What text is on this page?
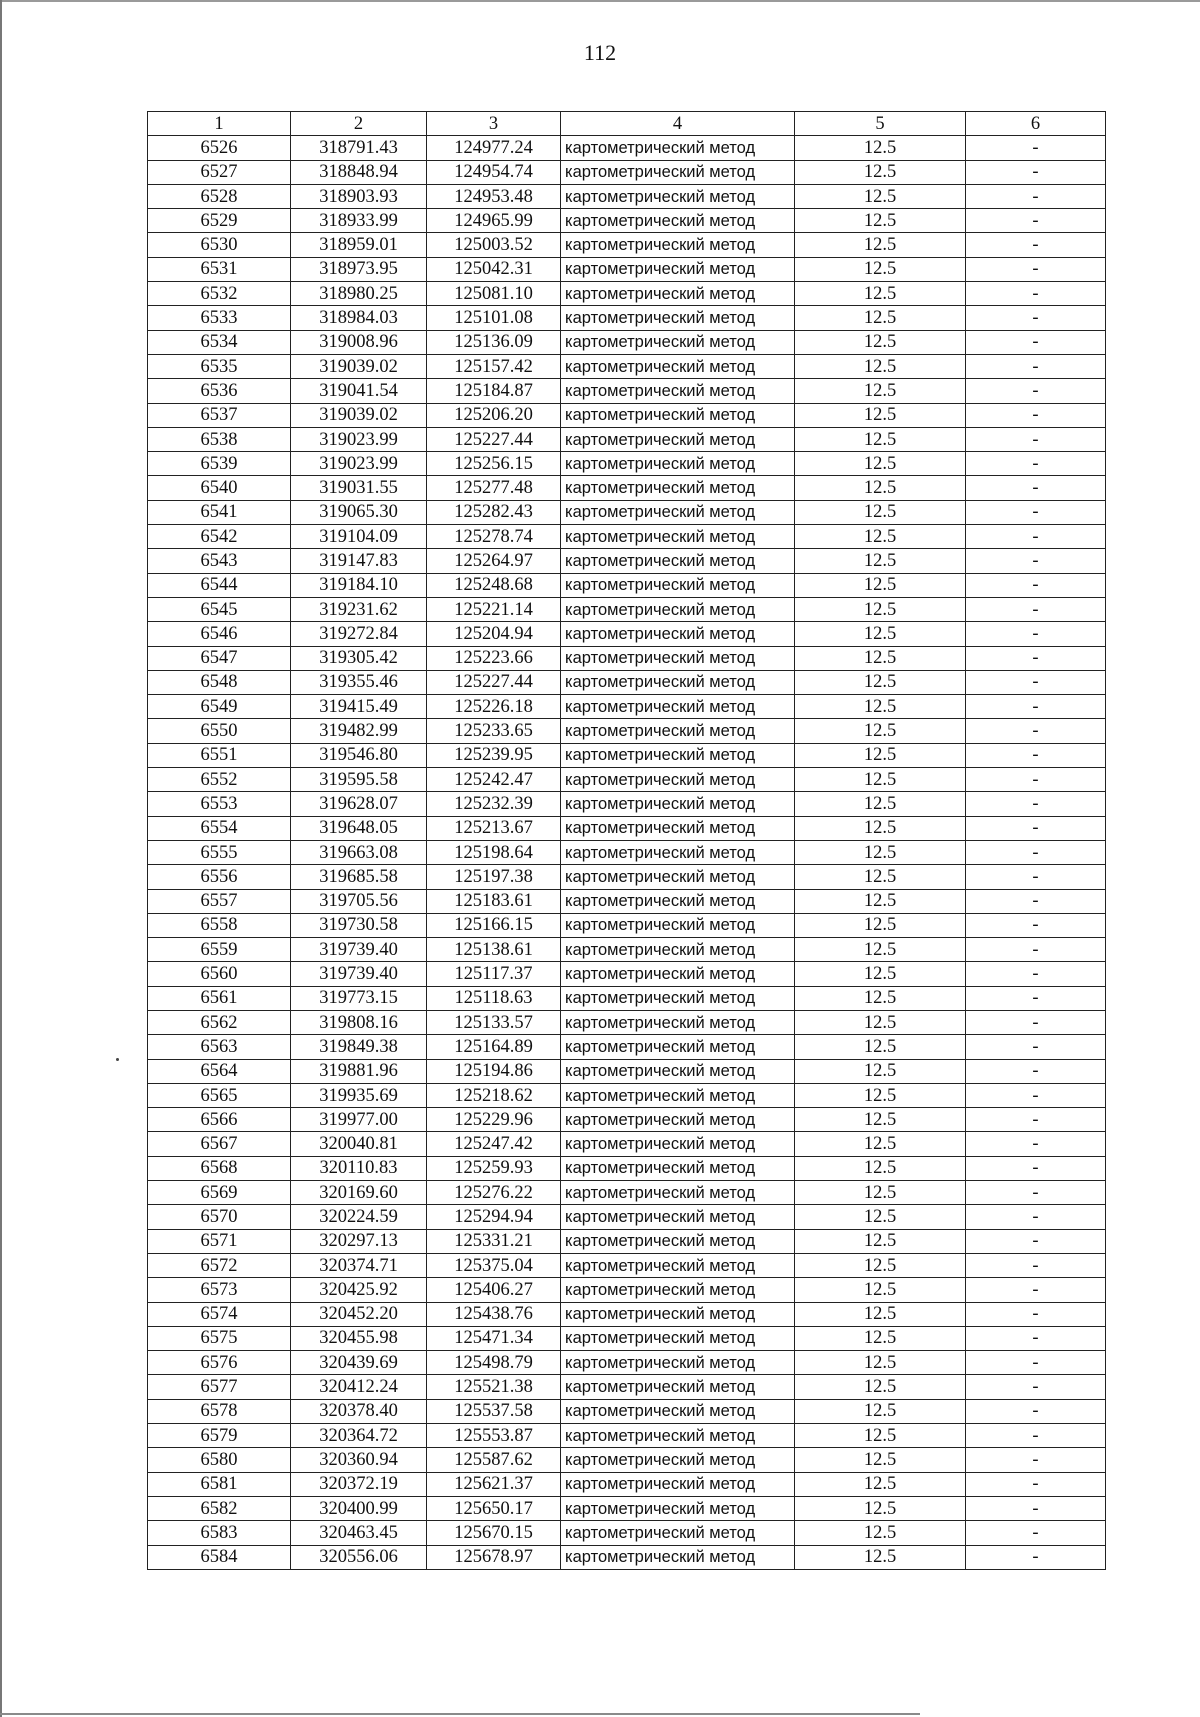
112
1	2	3	4	5	6
6526	318791.43	124977.24	картометрический метод	12.5	-
6527	318848.94	124954.74	картометрический метод	12.5	-
6528	318903.93	124953.48	картометрический метод	12.5	-
6529	318933.99	124965.99	картометрический метод	12.5	-
6530	318959.01	125003.52	картометрический метод	12.5	-
6531	318973.95	125042.31	картометрический метод	12.5	-
6532	318980.25	125081.10	картометрический метод	12.5	-
6533	318984.03	125101.08	картометрический метод	12.5	-
6534	319008.96	125136.09	картометрический метод	12.5	-
6535	319039.02	125157.42	картометрический метод	12.5	-
6536	319041.54	125184.87	картометрический метод	12.5	-
6537	319039.02	125206.20	картометрический метод	12.5	-
6538	319023.99	125227.44	картометрический метод	12.5	-
6539	319023.99	125256.15	картометрический метод	12.5	-
6540	319031.55	125277.48	картометрический метод	12.5	-
6541	319065.30	125282.43	картометрический метод	12.5	-
6542	319104.09	125278.74	картометрический метод	12.5	-
6543	319147.83	125264.97	картометрический метод	12.5	-
6544	319184.10	125248.68	картометрический метод	12.5	-
6545	319231.62	125221.14	картометрический метод	12.5	-
6546	319272.84	125204.94	картометрический метод	12.5	-
6547	319305.42	125223.66	картометрический метод	12.5	-
6548	319355.46	125227.44	картометрический метод	12.5	-
6549	319415.49	125226.18	картометрический метод	12.5	-
6550	319482.99	125233.65	картометрический метод	12.5	-
6551	319546.80	125239.95	картометрический метод	12.5	-
6552	319595.58	125242.47	картометрический метод	12.5	-
6553	319628.07	125232.39	картометрический метод	12.5	-
6554	319648.05	125213.67	картометрический метод	12.5	-
6555	319663.08	125198.64	картометрический метод	12.5	-
6556	319685.58	125197.38	картометрический метод	12.5	-
6557	319705.56	125183.61	картометрический метод	12.5	-
6558	319730.58	125166.15	картометрический метод	12.5	-
6559	319739.40	125138.61	картометрический метод	12.5	-
6560	319739.40	125117.37	картометрический метод	12.5	-
6561	319773.15	125118.63	картометрический метод	12.5	-
6562	319808.16	125133.57	картометрический метод	12.5	-
6563	319849.38	125164.89	картометрический метод	12.5	-
6564	319881.96	125194.86	картометрический метод	12.5	-
6565	319935.69	125218.62	картометрический метод	12.5	-
6566	319977.00	125229.96	картометрический метод	12.5	-
6567	320040.81	125247.42	картометрический метод	12.5	-
6568	320110.83	125259.93	картометрический метод	12.5	-
6569	320169.60	125276.22	картометрический метод	12.5	-
6570	320224.59	125294.94	картометрический метод	12.5	-
6571	320297.13	125331.21	картометрический метод	12.5	-
6572	320374.71	125375.04	картометрический метод	12.5	-
6573	320425.92	125406.27	картометрический метод	12.5	-
6574	320452.20	125438.76	картометрический метод	12.5	-
6575	320455.98	125471.34	картометрический метод	12.5	-
6576	320439.69	125498.79	картометрический метод	12.5	-
6577	320412.24	125521.38	картометрический метод	12.5	-
6578	320378.40	125537.58	картометрический метод	12.5	-
6579	320364.72	125553.87	картометрический метод	12.5	-
6580	320360.94	125587.62	картометрический метод	12.5	-
6581	320372.19	125621.37	картометрический метод	12.5	-
6582	320400.99	125650.17	картометрический метод	12.5	-
6583	320463.45	125670.15	картометрический метод	12.5	-
6584	320556.06	125678.97	картометрический метод	12.5	-
